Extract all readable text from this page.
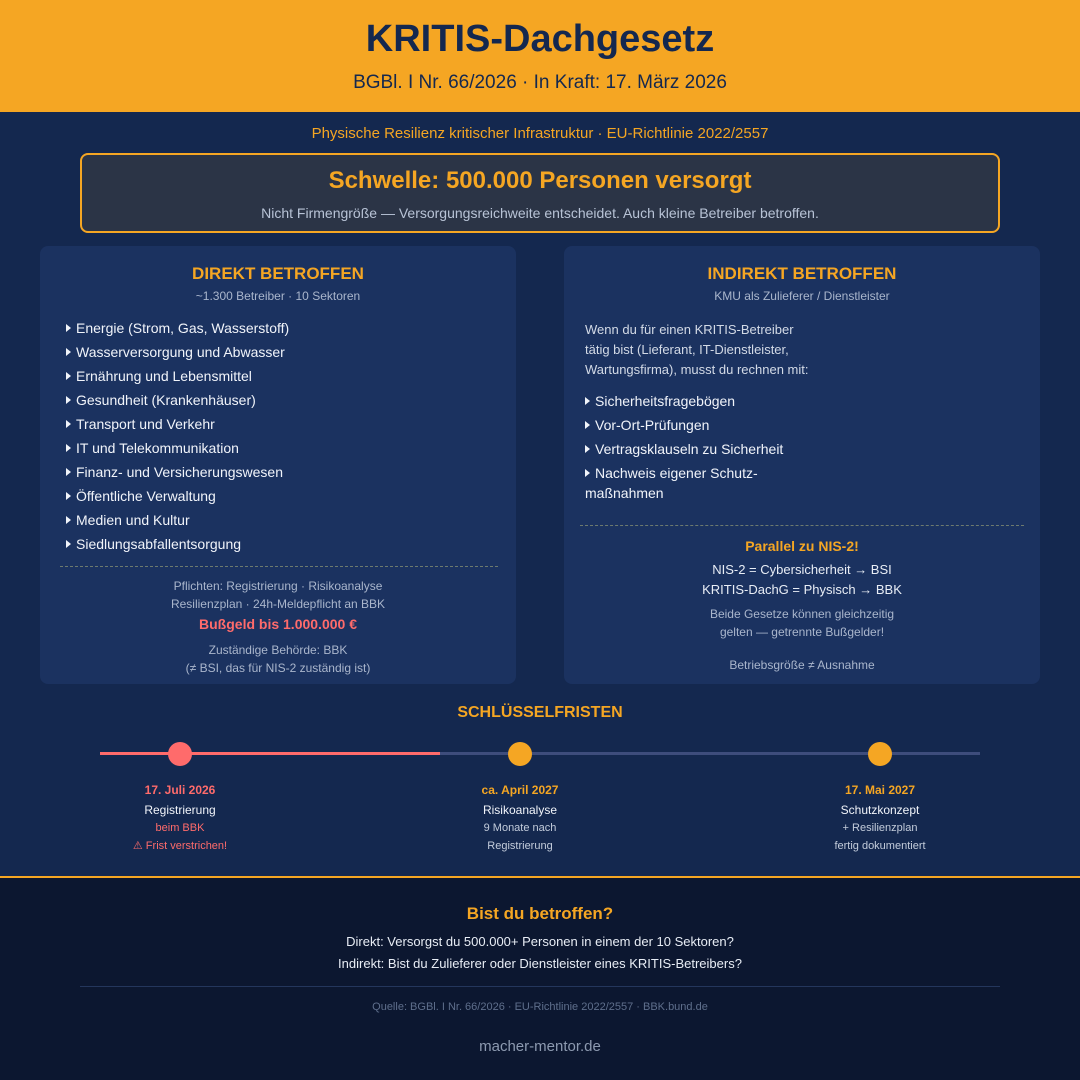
KRITIS-Dachgesetz
BGBl. I Nr. 66/2026 · In Kraft: 17. März 2026
Physische Resilienz kritischer Infrastruktur · EU-Richtlinie 2022/2557
Schwelle: 500.000 Personen versorgt
Nicht Firmengröße — Versorgungsreichweite entscheidet. Auch kleine Betreiber betroffen.
DIREKT BETROFFEN
~1.300 Betreiber · 10 Sektoren
Energie (Strom, Gas, Wasserstoff)
Wasserversorgung und Abwasser
Ernährung und Lebensmittel
Gesundheit (Krankenhäuser)
Transport und Verkehr
IT und Telekommunikation
Finanz- und Versicherungswesen
Öffentliche Verwaltung
Medien und Kultur
Siedlungsabfallentsorgung
Pflichten: Registrierung · Risikoanalyse
Resilienzplan · 24h-Meldepflicht an BBK
Bußgeld bis 1.000.000 €
Zuständige Behörde: BBK
(≠ BSI, das für NIS-2 zuständig ist)
INDIREKT BETROFFEN
KMU als Zulieferer / Dienstleister
Wenn du für einen KRITIS-Betreiber
tätig bist (Lieferant, IT-Dienstleister,
Wartungsfirma), musst du rechnen mit:
Sicherheitsfragebögen
Vor-Ort-Prüfungen
Vertragsklauseln zu Sicherheit
Nachweis eigener Schutz-maßnahmen
Parallel zu NIS-2!
NIS-2 = Cybersicherheit → BSI
KRITIS-DachG = Physisch → BBK
Beide Gesetze können gleichzeitig
gelten — getrennte Bußgelder!
Betriebsgröße ≠ Ausnahme
SCHLÜSSELFRISTEN
17. Juli 2026
Registrierung
beim BBK
⚠ Frist verstrichen!
ca. April 2027
Risikoanalyse
9 Monate nach
Registrierung
17. Mai 2027
Schutzkonzept
+ Resilienzplan
fertig dokumentiert
Bist du betroffen?
Direkt: Versorgst du 500.000+ Personen in einem der 10 Sektoren?
Indirekt: Bist du Zulieferer oder Dienstleister eines KRITIS-Betreibers?
Quelle: BGBl. I Nr. 66/2026 · EU-Richtlinie 2022/2557 · BBK.bund.de
macher-mentor.de
